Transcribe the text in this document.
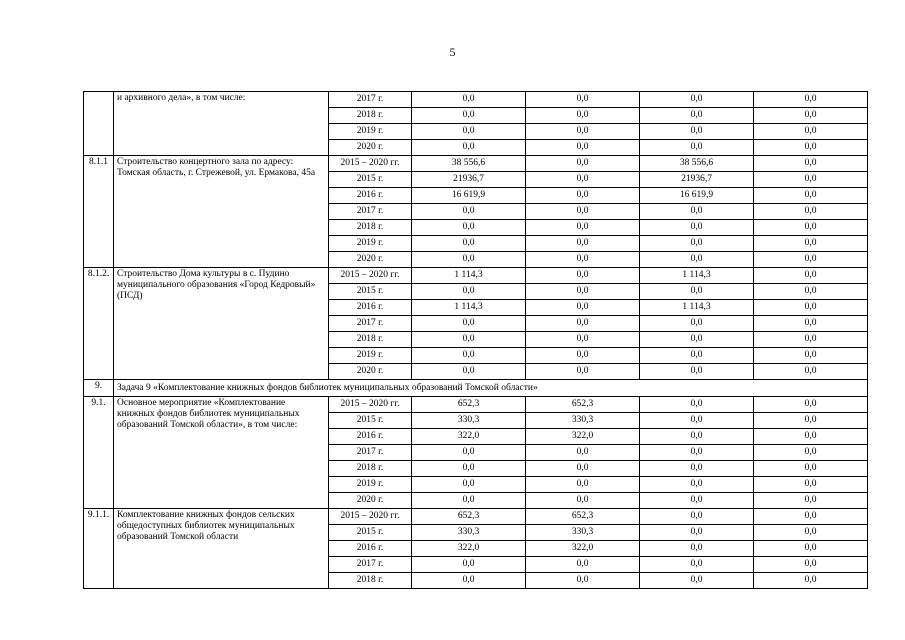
5
	и архивного дела», в том числе:	2017 г.	0,0	0,0	0,0	0,0
		2018 г.	0,0	0,0	0,0	0,0
		2019 г.	0,0	0,0	0,0	0,0
		2020 г.	0,0	0,0	0,0	0,0
8.1.1	Строительство концертного зала по адресу: Томская область, г. Стрежевой, ул. Ермакова, 45а	2015 – 2020 гг.	38 556,6	0,0	38 556,6	0,0
		2015 г.	21936,7	0,0	21936,7	0,0
		2016 г.	16 619,9	0,0	16 619,9	0,0
		2017 г.	0,0	0,0	0,0	0,0
		2018 г.	0,0	0,0	0,0	0,0
		2019 г.	0,0	0,0	0,0	0,0
		2020 г.	0,0	0,0	0,0	0,0
8.1.2.	Строительство Дома культуры в с. Пудино муниципального образования «Город Кедровый» (ПСД)	2015 – 2020 гг.	1 114,3	0,0	1 114,3	0,0
		2015 г.	0,0	0,0	0,0	0,0
		2016 г.	1 114,3	0,0	1 114,3	0,0
		2017 г.	0,0	0,0	0,0	0,0
		2018 г.	0,0	0,0	0,0	0,0
		2019 г.	0,0	0,0	0,0	0,0
		2020 г.	0,0	0,0	0,0	0,0
9.	Задача 9 «Комплектование книжных фондов библиотек муниципальных образований Томской области»					
9.1.	Основное мероприятие «Комплектование книжных фондов библиотек муниципальных образований Томской области», в том числе:	2015 – 2020 гг.	652,3	652,3	0,0	0,0
		2015 г.	330,3	330,3	0,0	0,0
		2016 г.	322,0	322,0	0,0	0,0
		2017 г.	0,0	0,0	0,0	0,0
		2018 г.	0,0	0,0	0,0	0,0
		2019 г.	0,0	0,0	0,0	0,0
		2020 г.	0,0	0,0	0,0	0,0
9.1.1.	Комплектование книжных фондов сельских общедоступных библиотек муниципальных образований Томской области	2015 – 2020 гг.	652,3	652,3	0,0	0,0
		2015 г.	330,3	330,3	0,0	0,0
		2016 г.	322,0	322,0	0,0	0,0
		2017 г.	0,0	0,0	0,0	0,0
		2018 г.	0,0	0,0	0,0	0,0
